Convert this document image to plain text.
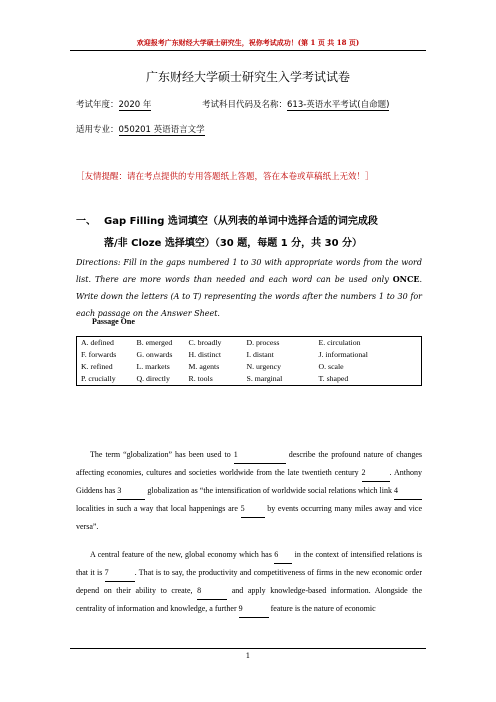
欢迎报考广东财经大学硕士研究生，祝你考试成功！(第 1 页 共 18 页)
广东财经大学硕士研究生入学考试试卷
考试年度：2020 年	考试科目代码及名称：613-英语水平考试(自命题)
适用专业：050201 英语语言文学
［友情提醒：请在考点提供的专用答题纸上答题，答在本卷或草稿纸上无效！］
一、 Gap Filling 选词填空（从列表的单词中选择合适的词完成段
落/非 Cloze 选择填空）（30 题，每题 1 分，共 30 分）
Directions: Fill in the gaps numbered 1 to 30 with appropriate words from the word list. There are more words than needed and each word can be used only ONCE. Write down the letters (A to T) representing the words after the numbers 1 to 30 for each passage on the Answer Sheet.
Passage One
A. defined	B. emerged	C. broadly	D. process	E. circulation
F. forwards	G. onwards	H. distinct	I. distant	J. informational
K. refined	L. markets	M. agents	N. urgency	O. scale
P. crucially	Q. directly	R. tools	S. marginal	T. shaped

The term “globalization” has been used to 1	describe the profound nature of changes affecting economies, cultures and societies worldwide from the late twentieth century 2	. Anthony Giddens has 3	globalization as “the intensification of worldwide social relations which link 4 localities in such a way that local happenings are 5	by events occurring many miles away and vice versa”.

A central feature of the new, global economy which has 6 in the context of intensified relations is that it is 7	. That is to say, the productivity and competitiveness of firms in the new economic order depend on their ability to create, 8	and apply knowledge-based information. Alongside the centrality of information and knowledge, a further 9	feature is the nature of economic

1
